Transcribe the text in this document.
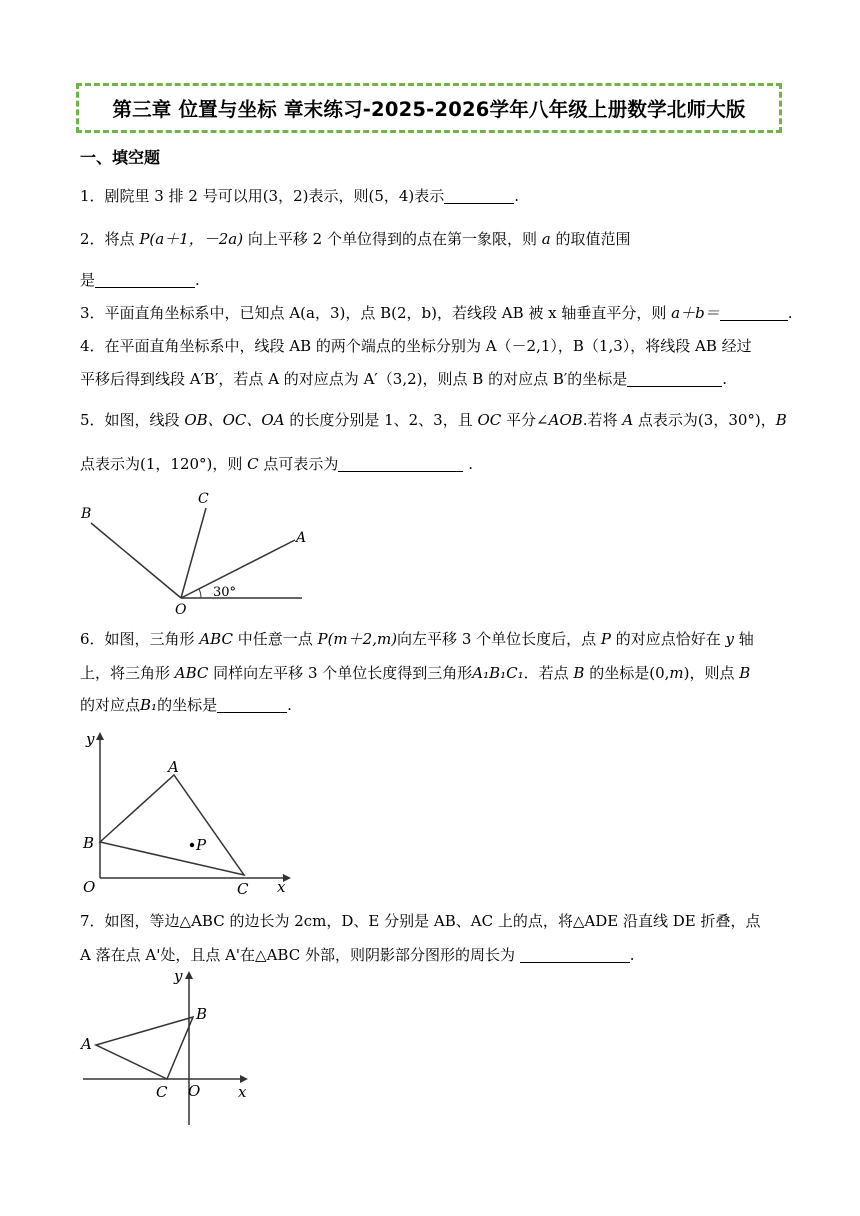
第三章 位置与坐标 章末练习-2025-2026学年八年级上册数学北师大版
一、填空题
1．剧院里 3 排 2 号可以用(3，2)表示，则(5，4)表示	.
2．将点 P(a＋1，－2a) 向上平移 2 个单位得到的点在第一象限，则 a 的取值范围
是	.
3．平面直角坐标系中，已知点 A(a，3)，点 B(2，b)，若线段 AB 被 x 轴垂直平分，则 a＋b＝	.
4．在平面直角坐标系中，线段 AB 的两个端点的坐标分别为 A（－2,1），B（1,3），将线段 AB 经过
平移后得到线段 A′B′，若点 A 的对应点为 A′（3,2)，则点 B 的对应点 B′的坐标是	.
5．如图，线段 OB、OC、OA 的长度分别是 1、2、3，且 OC 平分∠AOB.若将 A 点表示为(3，30°)，B
点表示为(1，120°)，则 C 点可表示为	.
B
C
A
O
30°
6．如图，三角形 ABC 中任意一点 P(m＋2,m)向左平移 3 个单位长度后，点 P 的对应点恰好在 y 轴
上，将三角形 ABC 同样向左平移 3 个单位长度得到三角形A₁B₁C₁．若点 B 的坐标是(0,m)，则点 B
的对应点B₁的坐标是	.
y
A
B	P
O	C x
7．如图，等边△ABC 的边长为 2cm，D、E 分别是 AB、AC 上的点，将△ADE 沿直线 DE 折叠，点
A 落在点 A'处，且点 A'在△ABC 外部，则阴影部分图形的周长为	.
y
B
A
C O	x
